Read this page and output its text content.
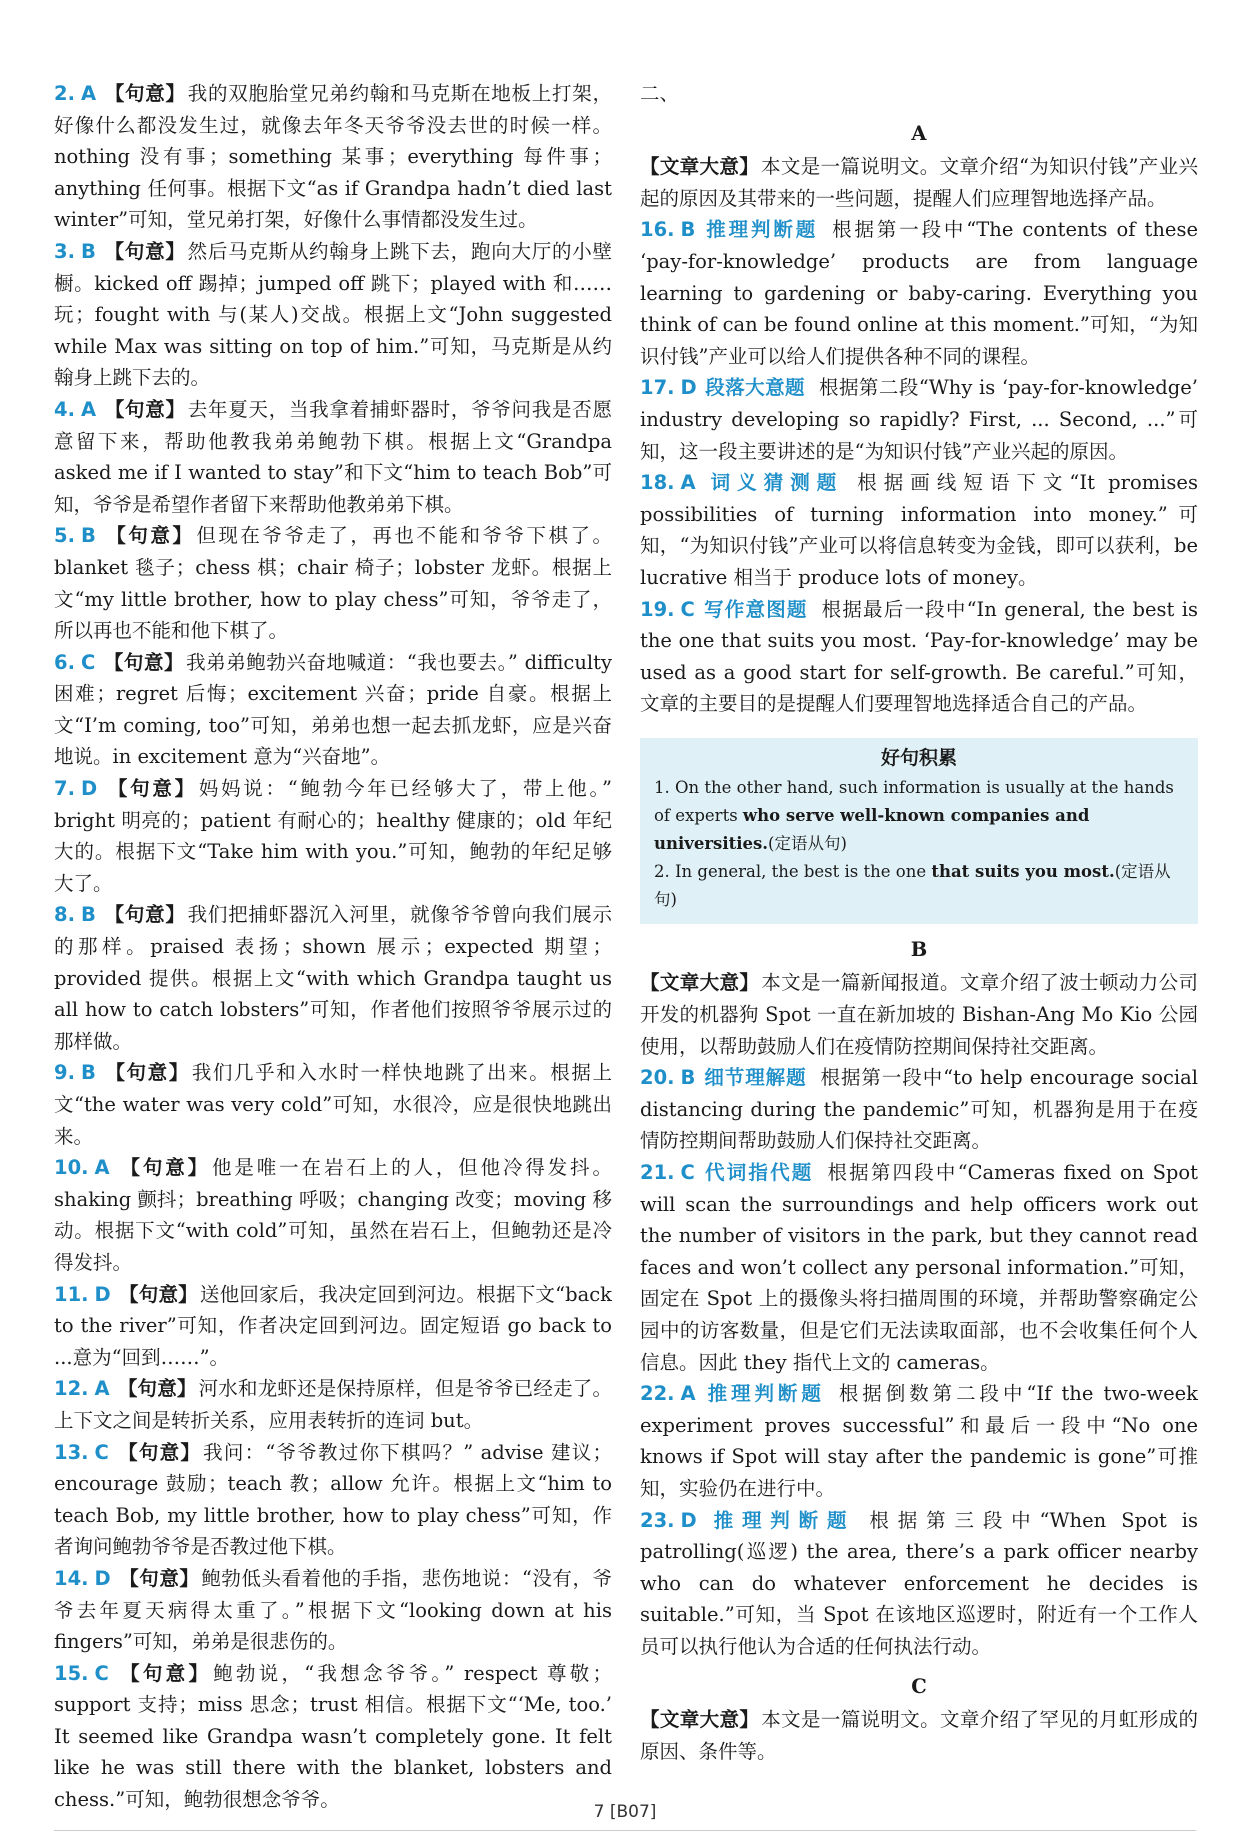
2. A 【句意】 我的双胞胎堂兄弟约翰和马克斯在地板上打架，好像什么都没发生过，就像去年冬天爷爷没去世的时候一样。nothing 没有事；something 某事；everything 每件事；anything 任何事。根据下文“as if Grandpa hadn’t died last winter”可知，堂兄弟打架，好像什么事情都没发生过。

3. B 【句意】 然后马克斯从约翰身上跳下去，跑向大厅的小壁橱。kicked off 踢掉；jumped off 跳下；played with 和……玩；fought with 与(某人)交战。根据上文“John suggested while Max was sitting on top of him.”可知，马克斯是从约翰身上跳下去的。

4. A 【句意】 去年夏天，当我拿着捕虾器时，爷爷问我是否愿意留下来，帮助他教我弟弟鲍勃下棋。根据上文“Grandpa asked me if I wanted to stay”和下文“him to teach Bob”可知，爷爷是希望作者留下来帮助他教弟弟下棋。

5. B 【句意】 但现在爷爷走了，再也不能和爷爷下棋了。blanket 毯子；chess 棋；chair 椅子；lobster 龙虾。根据上文“my little brother, how to play chess”可知，爷爷走了，所以再也不能和他下棋了。

6. C 【句意】 我弟弟鲍勃兴奋地喊道：“我也要去。” difficulty 困难；regret 后悔；excitement 兴奋；pride 自豪。根据上文“I’m coming, too”可知，弟弟也想一起去抓龙虾，应是兴奋地说。in excitement 意为“兴奋地”。

7. D 【句意】 妈妈说：“鲍勃今年已经够大了，带上他。” bright 明亮的；patient 有耐心的；healthy 健康的；old 年纪大的。根据下文“Take him with you.”可知，鲍勃的年纪足够大了。

8. B 【句意】 我们把捕虾器沉入河里，就像爷爷曾向我们展示的那样。praised 表扬；shown 展示；expected 期望；provided 提供。根据上文“with which Grandpa taught us all how to catch lobsters”可知，作者他们按照爷爷展示过的那样做。

9. B 【句意】 我们几乎和入水时一样快地跳了出来。根据上文“the water was very cold”可知，水很冷，应是很快地跳出来。

10. A 【句意】 他是唯一在岩石上的人，但他冷得发抖。shaking 颤抖；breathing 呼吸；changing 改变；moving 移动。根据下文“with cold”可知，虽然在岩石上，但鲍勃还是冷得发抖。

11. D 【句意】 送他回家后，我决定回到河边。根据下文“back to the river”可知，作者决定回到河边。固定短语 go back to ...意为“回到……”。

12. A 【句意】 河水和龙虾还是保持原样，但是爷爷已经走了。上下文之间是转折关系，应用表转折的连词 but。

13. C 【句意】 我问：“爷爷教过你下棋吗？” advise 建议；encourage 鼓励；teach 教；allow 允许。根据上文“him to teach Bob, my little brother, how to play chess”可知，作者询问鲍勃爷爷是否教过他下棋。

14. D 【句意】 鲍勃低头看着他的手指，悲伤地说：“没有，爷爷去年夏天病得太重了。”根据下文“looking down at his fingers”可知，弟弟是很悲伤的。

15. C 【句意】 鲍勃说，“我想念爷爷。” respect 尊敬；support 支持；miss 思念；trust 相信。根据下文“‘Me, too.’ It seemed like Grandpa wasn’t completely gone. It felt like he was still there with the blanket, lobsters and chess.”可知，鲍勃很想念爷爷。

二、

A

【文章大意】 本文是一篇说明文。文章介绍“为知识付钱”产业兴起的原因及其带来的一些问题，提醒人们应理智地选择产品。

16. B 推理判断题 根据第一段中“The contents of these ‘pay-for-knowledge’ products are from language learning to gardening or baby-caring. Everything you think of can be found online at this moment.”可知，“为知识付钱”产业可以给人们提供各种不同的课程。

17. D 段落大意题 根据第二段“Why is ‘pay-for-knowledge’ industry developing so rapidly? First, ... Second, ...”可知，这一段主要讲述的是“为知识付钱”产业兴起的原因。

18. A 词义猜测题 根据画线短语下文“It promises possibilities of turning information into money.”可知，“为知识付钱”产业可以将信息转变为金钱，即可以获利，be lucrative 相当于 produce lots of money。

19. C 写作意图题 根据最后一段中“In general, the best is the one that suits you most. ‘Pay-for-knowledge’ may be used as a good start for self-growth. Be careful.”可知，文章的主要目的是提醒人们要理智地选择适合自己的产品。

好句积累

1. On the other hand, such information is usually at the hands of experts who serve well-known companies and universities.(定语从句)

2. In general, the best is the one that suits you most.(定语从句)

B

【文章大意】 本文是一篇新闻报道。文章介绍了波士顿动力公司开发的机器狗 Spot 一直在新加坡的 Bishan-Ang Mo Kio 公园使用，以帮助鼓励人们在疫情防控期间保持社交距离。

20. B 细节理解题 根据第一段中“to help encourage social distancing during the pandemic”可知，机器狗是用于在疫情防控期间帮助鼓励人们保持社交距离。

21. C 代词指代题 根据第四段中“Cameras fixed on Spot will scan the surroundings and help officers work out the number of visitors in the park, but they cannot read faces and won’t collect any personal information.”可知，固定在 Spot 上的摄像头将扫描周围的环境，并帮助警察确定公园中的访客数量，但是它们无法读取面部，也不会收集任何个人信息。因此 they 指代上文的 cameras。

22. A 推理判断题 根据倒数第二段中“If the two-week experiment proves successful”和最后一段中“No one knows if Spot will stay after the pandemic is gone”可推知，实验仍在进行中。

23. D 推理判断题 根据第三段中“When Spot is patrolling(巡逻) the area, there’s a park officer nearby who can do whatever enforcement he decides is suitable.”可知，当 Spot 在该地区巡逻时，附近有一个工作人员可以执行他认为合适的任何执法行动。

C

【文章大意】 本文是一篇说明文。文章介绍了罕见的月虹形成的原因、条件等。

7 [B07]
